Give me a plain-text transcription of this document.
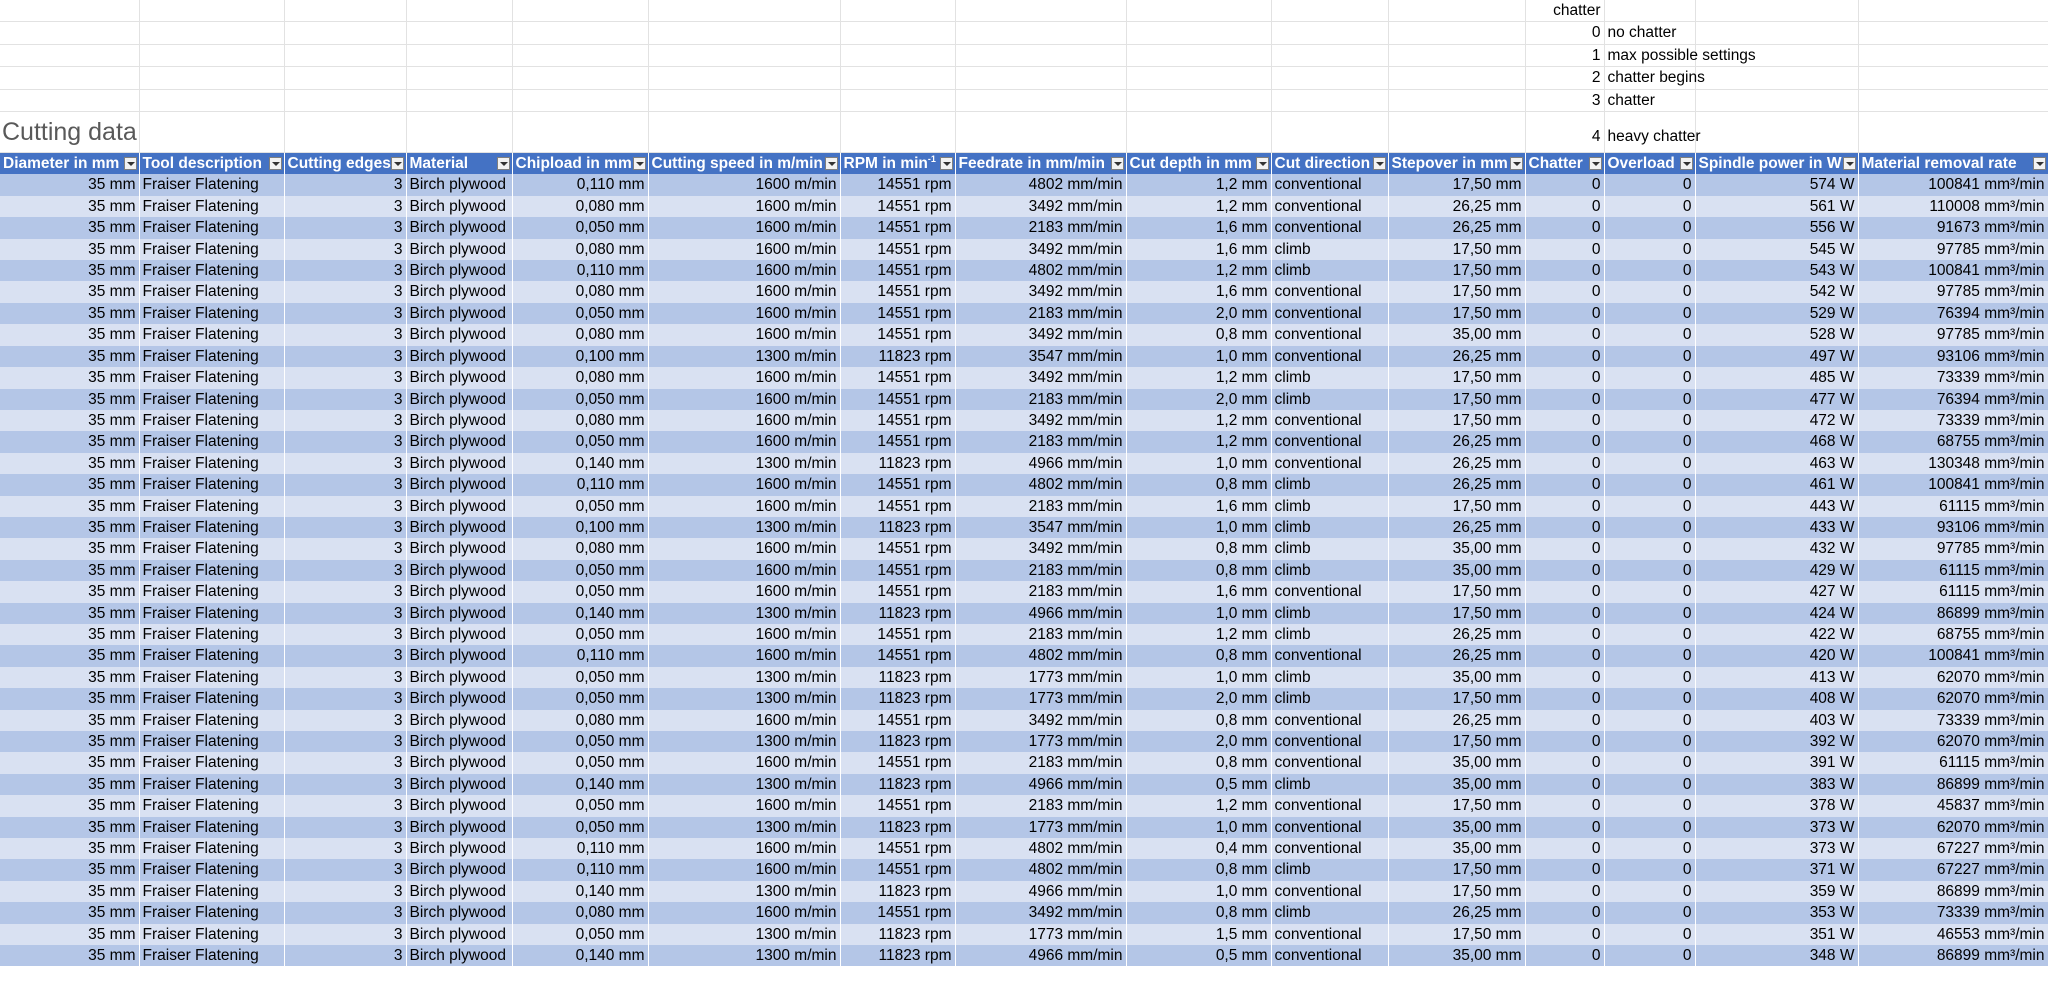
											chatter			
											0	no chatter		
											1	max possible settings		
											2	chatter begins		
											3	chatter		
Cutting data											4	heavy chatter		
Diameter in mm	Tool description	Cutting edges	Material	Chipload in mm	Cutting speed in m/min	RPM in $\min^{-1}$	Feedrate in mm/min	Cut depth in mm	Cut direction	Stepover in mm	Chatter	Overload	Spindle power in W	Material removal rate

35 mm	Fraiser Flatening	3	Birch plywood	0,110 mm	1600 m/min	14551 rpm	4802 mm/min	1,2 mm	conventional	17,50 mm	0	0	574 W	100841 mm³/min
35 mm	Fraiser Flatening	3	Birch plywood	0,080 mm	1600 m/min	14551 rpm	3492 mm/min	1,2 mm	conventional	26,25 mm	0	0	561 W	110008 mm³/min
35 mm	Fraiser Flatening	3	Birch plywood	0,050 mm	1600 m/min	14551 rpm	2183 mm/min	1,6 mm	conventional	26,25 mm	0	0	556 W	91673 mm³/min
35 mm	Fraiser Flatening	3	Birch plywood	0,080 mm	1600 m/min	14551 rpm	3492 mm/min	1,6 mm	climb	17,50 mm	0	0	545 W	97785 mm³/min
35 mm	Fraiser Flatening	3	Birch plywood	0,110 mm	1600 m/min	14551 rpm	4802 mm/min	1,2 mm	climb	17,50 mm	0	0	543 W	100841 mm³/min
35 mm	Fraiser Flatening	3	Birch plywood	0,080 mm	1600 m/min	14551 rpm	3492 mm/min	1,6 mm	conventional	17,50 mm	0	0	542 W	97785 mm³/min
35 mm	Fraiser Flatening	3	Birch plywood	0,050 mm	1600 m/min	14551 rpm	2183 mm/min	2,0 mm	conventional	17,50 mm	0	0	529 W	76394 mm³/min
35 mm	Fraiser Flatening	3	Birch plywood	0,080 mm	1600 m/min	14551 rpm	3492 mm/min	0,8 mm	conventional	35,00 mm	0	0	528 W	97785 mm³/min
35 mm	Fraiser Flatening	3	Birch plywood	0,100 mm	1300 m/min	11823 rpm	3547 mm/min	1,0 mm	conventional	26,25 mm	0	0	497 W	93106 mm³/min
35 mm	Fraiser Flatening	3	Birch plywood	0,080 mm	1600 m/min	14551 rpm	3492 mm/min	1,2 mm	climb	17,50 mm	0	0	485 W	73339 mm³/min
35 mm	Fraiser Flatening	3	Birch plywood	0,050 mm	1600 m/min	14551 rpm	2183 mm/min	2,0 mm	climb	17,50 mm	0	0	477 W	76394 mm³/min
35 mm	Fraiser Flatening	3	Birch plywood	0,080 mm	1600 m/min	14551 rpm	3492 mm/min	1,2 mm	conventional	17,50 mm	0	0	472 W	73339 mm³/min
35 mm	Fraiser Flatening	3	Birch plywood	0,050 mm	1600 m/min	14551 rpm	2183 mm/min	1,2 mm	conventional	26,25 mm	0	0	468 W	68755 mm³/min
35 mm	Fraiser Flatening	3	Birch plywood	0,140 mm	1300 m/min	11823 rpm	4966 mm/min	1,0 mm	conventional	26,25 mm	0	0	463 W	130348 mm³/min
35 mm	Fraiser Flatening	3	Birch plywood	0,110 mm	1600 m/min	14551 rpm	4802 mm/min	0,8 mm	climb	26,25 mm	0	0	461 W	100841 mm³/min
35 mm	Fraiser Flatening	3	Birch plywood	0,050 mm	1600 m/min	14551 rpm	2183 mm/min	1,6 mm	climb	17,50 mm	0	0	443 W	61115 mm³/min
35 mm	Fraiser Flatening	3	Birch plywood	0,100 mm	1300 m/min	11823 rpm	3547 mm/min	1,0 mm	climb	26,25 mm	0	0	433 W	93106 mm³/min
35 mm	Fraiser Flatening	3	Birch plywood	0,080 mm	1600 m/min	14551 rpm	3492 mm/min	0,8 mm	climb	35,00 mm	0	0	432 W	97785 mm³/min
35 mm	Fraiser Flatening	3	Birch plywood	0,050 mm	1600 m/min	14551 rpm	2183 mm/min	0,8 mm	climb	35,00 mm	0	0	429 W	61115 mm³/min
35 mm	Fraiser Flatening	3	Birch plywood	0,050 mm	1600 m/min	14551 rpm	2183 mm/min	1,6 mm	conventional	17,50 mm	0	0	427 W	61115 mm³/min
35 mm	Fraiser Flatening	3	Birch plywood	0,140 mm	1300 m/min	11823 rpm	4966 mm/min	1,0 mm	climb	17,50 mm	0	0	424 W	86899 mm³/min
35 mm	Fraiser Flatening	3	Birch plywood	0,050 mm	1600 m/min	14551 rpm	2183 mm/min	1,2 mm	climb	26,25 mm	0	0	422 W	68755 mm³/min
35 mm	Fraiser Flatening	3	Birch plywood	0,110 mm	1600 m/min	14551 rpm	4802 mm/min	0,8 mm	conventional	26,25 mm	0	0	420 W	100841 mm³/min
35 mm	Fraiser Flatening	3	Birch plywood	0,050 mm	1300 m/min	11823 rpm	1773 mm/min	1,0 mm	climb	35,00 mm	0	0	413 W	62070 mm³/min
35 mm	Fraiser Flatening	3	Birch plywood	0,050 mm	1300 m/min	11823 rpm	1773 mm/min	2,0 mm	climb	17,50 mm	0	0	408 W	62070 mm³/min
35 mm	Fraiser Flatening	3	Birch plywood	0,080 mm	1600 m/min	14551 rpm	3492 mm/min	0,8 mm	conventional	26,25 mm	0	0	403 W	73339 mm³/min
35 mm	Fraiser Flatening	3	Birch plywood	0,050 mm	1300 m/min	11823 rpm	1773 mm/min	2,0 mm	conventional	17,50 mm	0	0	392 W	62070 mm³/min
35 mm	Fraiser Flatening	3	Birch plywood	0,050 mm	1600 m/min	14551 rpm	2183 mm/min	0,8 mm	conventional	35,00 mm	0	0	391 W	61115 mm³/min
35 mm	Fraiser Flatening	3	Birch plywood	0,140 mm	1300 m/min	11823 rpm	4966 mm/min	0,5 mm	climb	35,00 mm	0	0	383 W	86899 mm³/min
35 mm	Fraiser Flatening	3	Birch plywood	0,050 mm	1600 m/min	14551 rpm	2183 mm/min	1,2 mm	conventional	17,50 mm	0	0	378 W	45837 mm³/min
35 mm	Fraiser Flatening	3	Birch plywood	0,050 mm	1300 m/min	11823 rpm	1773 mm/min	1,0 mm	conventional	35,00 mm	0	0	373 W	62070 mm³/min
35 mm	Fraiser Flatening	3	Birch plywood	0,110 mm	1600 m/min	14551 rpm	4802 mm/min	0,4 mm	conventional	35,00 mm	0	0	373 W	67227 mm³/min
35 mm	Fraiser Flatening	3	Birch plywood	0,110 mm	1600 m/min	14551 rpm	4802 mm/min	0,8 mm	climb	17,50 mm	0	0	371 W	67227 mm³/min
35 mm	Fraiser Flatening	3	Birch plywood	0,140 mm	1300 m/min	11823 rpm	4966 mm/min	1,0 mm	conventional	17,50 mm	0	0	359 W	86899 mm³/min
35 mm	Fraiser Flatening	3	Birch plywood	0,080 mm	1600 m/min	14551 rpm	3492 mm/min	0,8 mm	climb	26,25 mm	0	0	353 W	73339 mm³/min
35 mm	Fraiser Flatening	3	Birch plywood	0,050 mm	1300 m/min	11823 rpm	1773 mm/min	1,5 mm	conventional	17,50 mm	0	0	351 W	46553 mm³/min
35 mm	Fraiser Flatening	3	Birch plywood	0,140 mm	1300 m/min	11823 rpm	4966 mm/min	0,5 mm	conventional	35,00 mm	0	0	348 W	86899 mm³/min
